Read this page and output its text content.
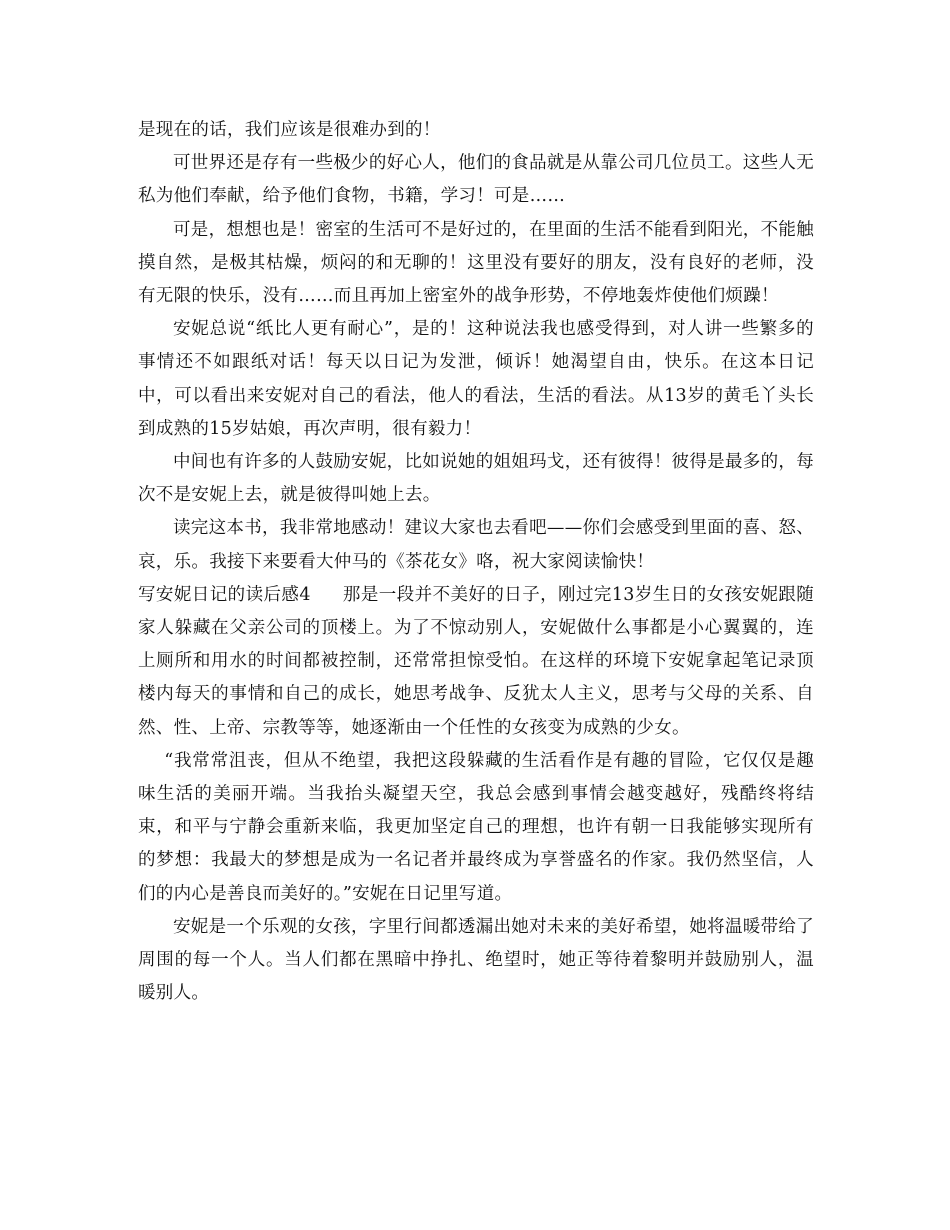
是现在的话，我们应该是很难办到的！

可世界还是存有一些极少的好心人，他们的食品就是从靠公司几位员工。这些人无私为他们奉献，给予他们食物，书籍，学习！可是……

可是，想想也是！密室的生活可不是好过的，在里面的生活不能看到阳光，不能触摸自然，是极其枯燥，烦闷的和无聊的！这里没有要好的朋友，没有良好的老师，没有无限的快乐，没有……而且再加上密室外的战争形势，不停地轰炸使他们烦躁！

安妮总说“纸比人更有耐心”，是的！这种说法我也感受得到，对人讲一些繁多的事情还不如跟纸对话！每天以日记为发泄，倾诉！她渴望自由，快乐。在这本日记中，可以看出来安妮对自己的看法，他人的看法，生活的看法。从13岁的黄毛丫头长到成熟的15岁姑娘，再次声明，很有毅力！

中间也有许多的人鼓励安妮，比如说她的姐姐玛戈，还有彼得！彼得是最多的，每次不是安妮上去，就是彼得叫她上去。

读完这本书，我非常地感动！建议大家也去看吧——你们会感受到里面的喜、怒、哀，乐。我接下来要看大仲马的《茶花女》咯，祝大家阅读愉快！

写安妮日记的读后感4 那是一段并不美好的日子，刚过完13岁生日的女孩安妮跟随家人躲藏在父亲公司的顶楼上。为了不惊动别人，安妮做什么事都是小心翼翼的，连上厕所和用水的时间都被控制，还常常担惊受怕。在这样的环境下安妮拿起笔记录顶楼内每天的事情和自己的成长，她思考战争、反犹太人主义，思考与父母的关系、自然、性、上帝、宗教等等，她逐渐由一个任性的女孩变为成熟的少女。

“我常常沮丧，但从不绝望，我把这段躲藏的生活看作是有趣的冒险，它仅仅是趣味生活的美丽开端。当我抬头凝望天空，我总会感到事情会越变越好，残酷终将结束，和平与宁静会重新来临，我更加坚定自己的理想，也许有朝一日我能够实现所有的梦想：我最大的梦想是成为一名记者并最终成为享誉盛名的作家。我仍然坚信，人们的内心是善良而美好的。”安妮在日记里写道。

安妮是一个乐观的女孩，字里行间都透漏出她对未来的美好希望，她将温暖带给了周围的每一个人。当人们都在黑暗中挣扎、绝望时，她正等待着黎明并鼓励别人，温暖别人。
